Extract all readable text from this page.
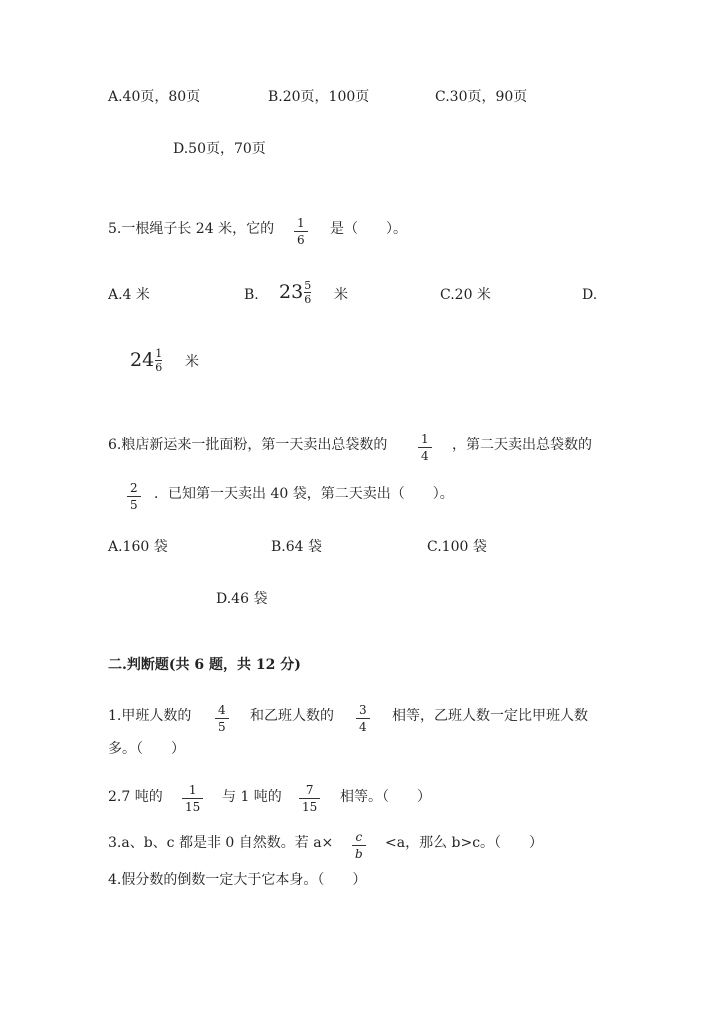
A.40页，80页	B.20页，100页	C.30页，90页
D.50页，70页
5.一根绳子长 24 米，它的 1
6
是（　　）。
A.4 米	B. 23 5
6 米	C.20 米	D.
24 1
6 米
6.粮店新运来一批面粉，第一天卖出总袋数的	1
4
，第二天卖出总袋数的
2
5
．已知第一天卖出 40 袋，第二天卖出（　　）。
A.160 袋	B.64 袋	C.100 袋
D.46 袋
二.判断题(共 6 题，共 12 分)
1.甲班人数的 4
5
和乙班人数的 3
4
相等，乙班人数一定比甲班人数
多。（　　）
2.7 吨的 1
15
与 1 吨的 7
15
相等。（　　）
3.a、b、c 都是非 0 自然数。若 a× c
b
<a，那么 b>c。（　　）
4.假分数的倒数一定大于它本身。（　　）
